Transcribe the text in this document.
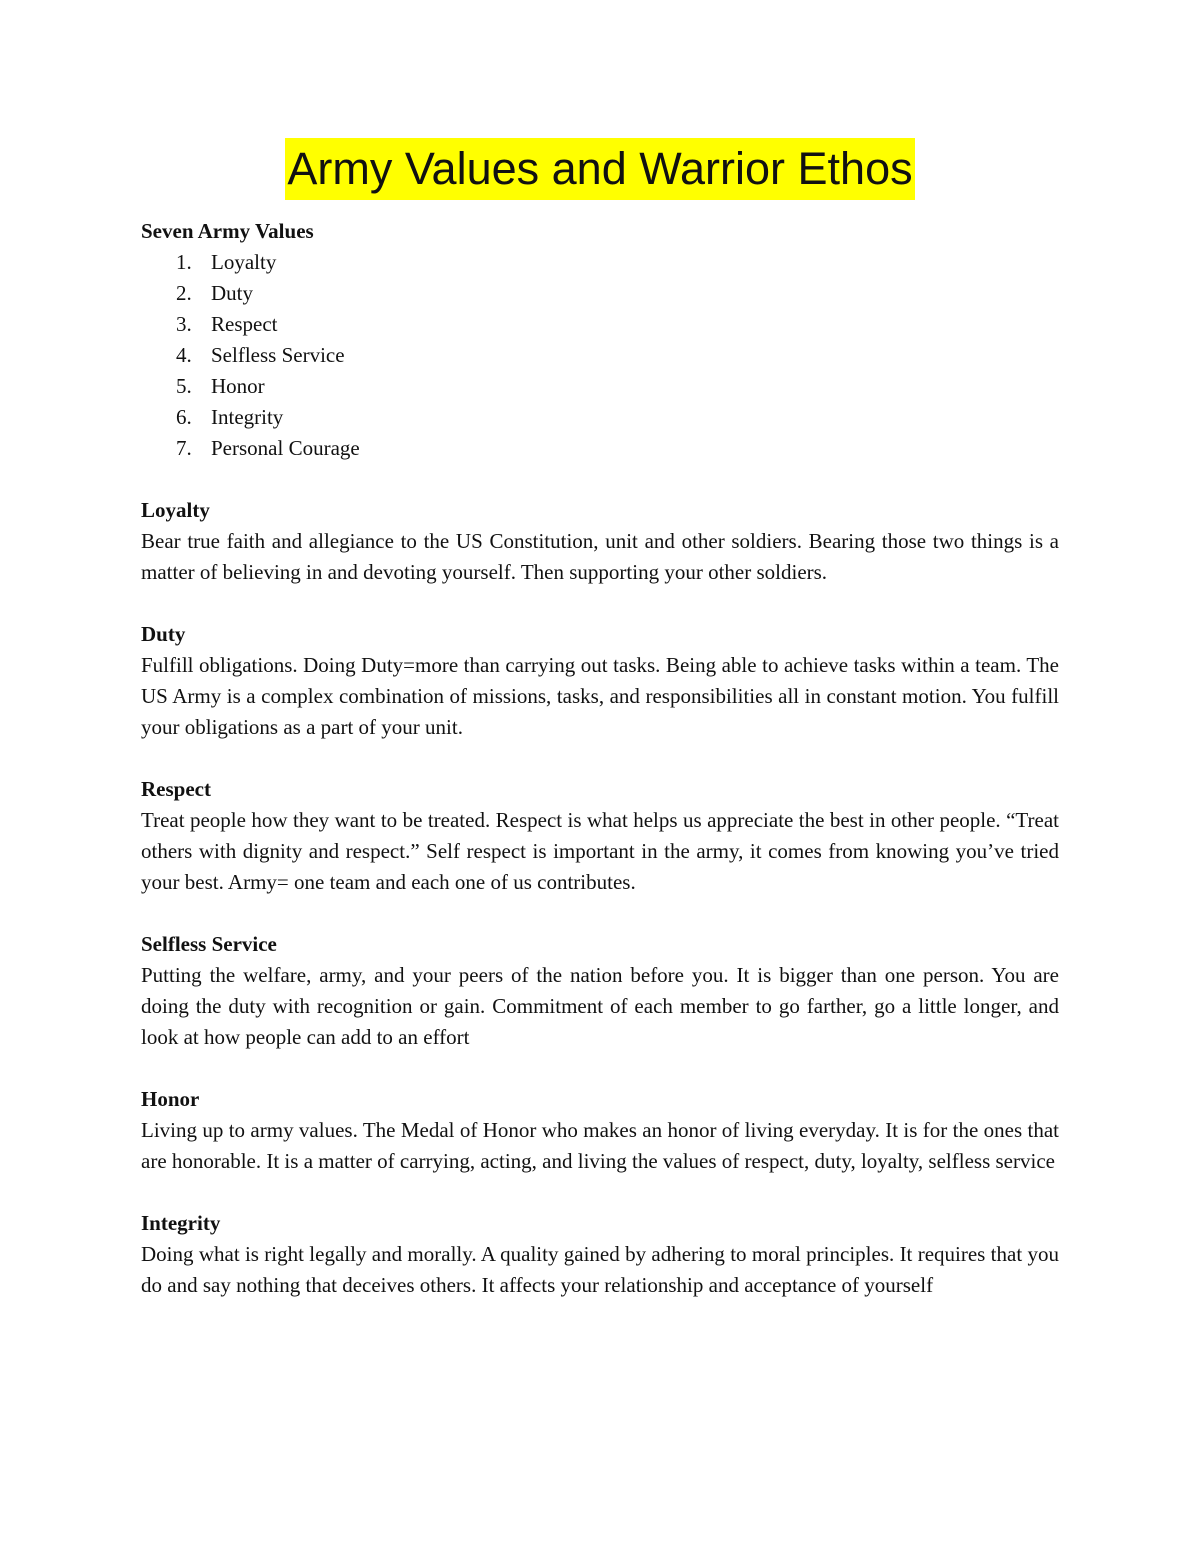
Army Values and Warrior Ethos

Seven Army Values

1. Loyalty
2. Duty
3. Respect
4. Selfless Service
5. Honor
6. Integrity
7. Personal Courage

Loyalty

Bear true faith and allegiance to the US Constitution, unit and other soldiers. Bearing those two things is a matter of believing in and devoting yourself. Then supporting your other soldiers.

Duty

Fulfill obligations. Doing Duty=more than carrying out tasks. Being able to achieve tasks within a team. The US Army is a complex combination of missions, tasks, and responsibilities all in constant motion. You fulfill your obligations as a part of your unit.

Respect

Treat people how they want to be treated. Respect is what helps us appreciate the best in other people. “Treat others with dignity and respect.” Self respect is important in the army, it comes from knowing you’ve tried your best. Army= one team and each one of us contributes.

Selfless Service

Putting the welfare, army, and your peers of the nation before you. It is bigger than one person. You are doing the duty with recognition or gain. Commitment of each member to go farther, go a little longer, and look at how people can add to an effort

Honor

Living up to army values. The Medal of Honor who makes an honor of living everyday. It is for the ones that are honorable. It is a matter of carrying, acting, and living the values of respect, duty, loyalty, selfless service

Integrity

Doing what is right legally and morally. A quality gained by adhering to moral principles. It requires that you do and say nothing that deceives others. It affects your relationship and acceptance of yourself
